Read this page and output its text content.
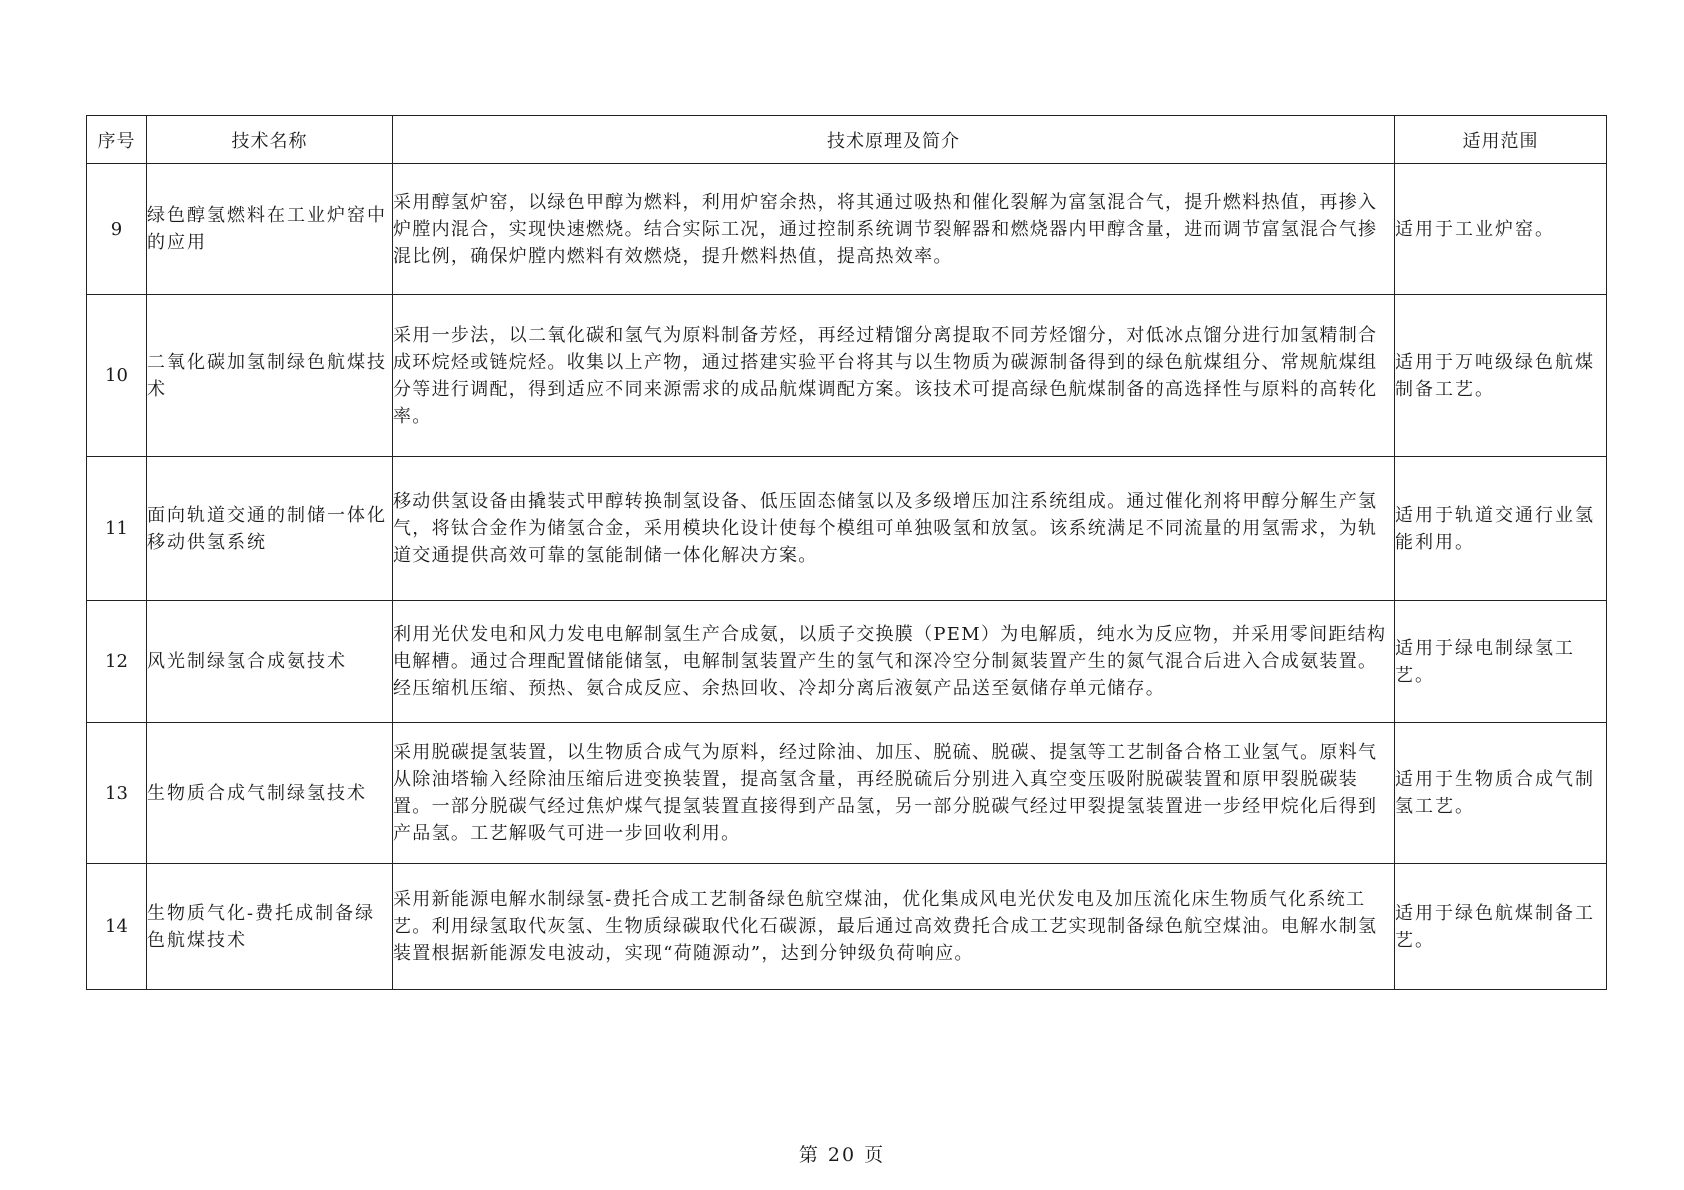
序号	技术名称	技术原理及简介	适用范围
9	绿色醇氢燃料在工业炉窑中的应用	采用醇氢炉窑，以绿色甲醇为燃料，利用炉窑余热，将其通过吸热和催化裂解为富氢混合气，提升燃料热值，再掺入炉膛内混合，实现快速燃烧。结合实际工况，通过控制系统调节裂解器和燃烧器内甲醇含量，进而调节富氢混合气掺混比例，确保炉膛内燃料有效燃烧，提升燃料热值，提高热效率。	适用于工业炉窑。
10	二氧化碳加氢制绿色航煤技术	采用一步法，以二氧化碳和氢气为原料制备芳烃，再经过精馏分离提取不同芳烃馏分，对低冰点馏分进行加氢精制合成环烷烃或链烷烃。收集以上产物，通过搭建实验平台将其与以生物质为碳源制备得到的绿色航煤组分、常规航煤组分等进行调配，得到适应不同来源需求的成品航煤调配方案。该技术可提高绿色航煤制备的高选择性与原料的高转化率。	适用于万吨级绿色航煤制备工艺。
11	面向轨道交通的制储一体化移动供氢系统	移动供氢设备由撬装式甲醇转换制氢设备、低压固态储氢以及多级增压加注系统组成。通过催化剂将甲醇分解生产氢气，将钛合金作为储氢合金，采用模块化设计使每个模组可单独吸氢和放氢。该系统满足不同流量的用氢需求，为轨道交通提供高效可靠的氢能制储一体化解决方案。	适用于轨道交通行业氢能利用。
12	风光制绿氢合成氨技术	利用光伏发电和风力发电电解制氢生产合成氨，以质子交换膜（PEM）为电解质，纯水为反应物，并采用零间距结构电解槽。通过合理配置储能储氢，电解制氢装置产生的氢气和深冷空分制氮装置产生的氮气混合后进入合成氨装置。经压缩机压缩、预热、氨合成反应、余热回收、冷却分离后液氨产品送至氨储存单元储存。	适用于绿电制绿氢工艺。
13	生物质合成气制绿氢技术	采用脱碳提氢装置，以生物质合成气为原料，经过除油、加压、脱硫、脱碳、提氢等工艺制备合格工业氢气。原料气从除油塔输入经除油压缩后进变换装置，提高氢含量，再经脱硫后分别进入真空变压吸附脱碳装置和原甲裂脱碳装置。一部分脱碳气经过焦炉煤气提氢装置直接得到产品氢，另一部分脱碳气经过甲裂提氢装置进一步经甲烷化后得到产品氢。工艺解吸气可进一步回收利用。	适用于生物质合成气制氢工艺。
14	生物质气化-费托成制备绿色航煤技术	采用新能源电解水制绿氢-费托合成工艺制备绿色航空煤油，优化集成风电光伏发电及加压流化床生物质气化系统工艺。利用绿氢取代灰氢、生物质绿碳取代化石碳源，最后通过高效费托合成工艺实现制备绿色航空煤油。电解水制氢装置根据新能源发电波动，实现“荷随源动”，达到分钟级负荷响应。	适用于绿色航煤制备工艺。
第 20 页
